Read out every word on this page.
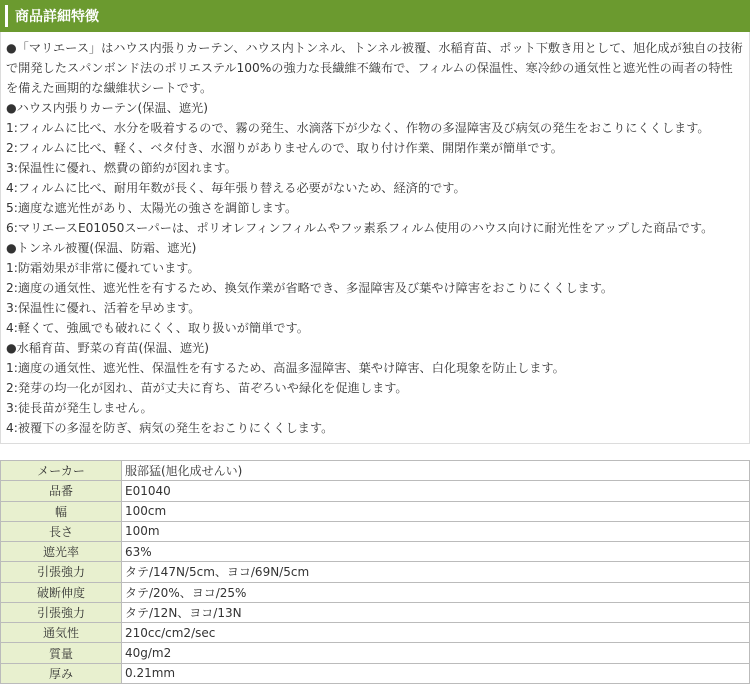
商品詳細特徴

●「マリエース」はハウス内張りカーテン、ハウス内トンネル、トンネル被覆、水稲育苗、ポット下敷き用として、旭化成が独自の技術で開発したスパンボンド法のポリエステル100%の強力な長繊維不織布で、フィルムの保温性、寒冷紗の通気性と遮光性の両者の特性を備えた画期的な繊維状シートです。

●ハウス内張りカーテン(保温、遮光)

1:フィルムに比べ、水分を吸着するので、霧の発生、水滴落下が少なく、作物の多湿障害及び病気の発生をおこりにくくします。

2:フィルムに比べ、軽く、ベタ付き、水溜りがありませんので、取り付け作業、開閉作業が簡単です。

3:保温性に優れ、燃費の節約が図れます。

4:フィルムに比べ、耐用年数が長く、毎年張り替える必要がないため、経済的です。

5:適度な遮光性があり、太陽光の強さを調節します。

6:マリエースE01050スーパーは、ポリオレフィンフィルムやフッ素系フィルム使用のハウス向けに耐光性をアップした商品です。

●トンネル被覆(保温、防霜、遮光)

1:防霜効果が非常に優れています。

2:適度の通気性、遮光性を有するため、換気作業が省略でき、多湿障害及び葉やけ障害をおこりにくくします。

3:保温性に優れ、活着を早めます。

4:軽くて、強風でも破れにくく、取り扱いが簡単です。

●水稲育苗、野菜の育苗(保温、遮光)

1:適度の通気性、遮光性、保温性を有するため、高温多湿障害、葉やけ障害、白化現象を防止します。

2:発芽の均一化が図れ、苗が丈夫に育ち、苗ぞろいや緑化を促進します。

3:徒長苗が発生しません。

4:被覆下の多湿を防ぎ、病気の発生をおこりにくくします。

メーカー	服部猛(旭化成せんい)
品番	E01040
幅	100cm
長さ	100m
遮光率	63%
引張強力	タテ/147N/5cm、ヨコ/69N/5cm
破断伸度	タテ/20%、ヨコ/25%
引張強力	タテ/12N、ヨコ/13N
通気性	210cc/cm2/sec
質量	40g/m2
厚み	0.21mm
